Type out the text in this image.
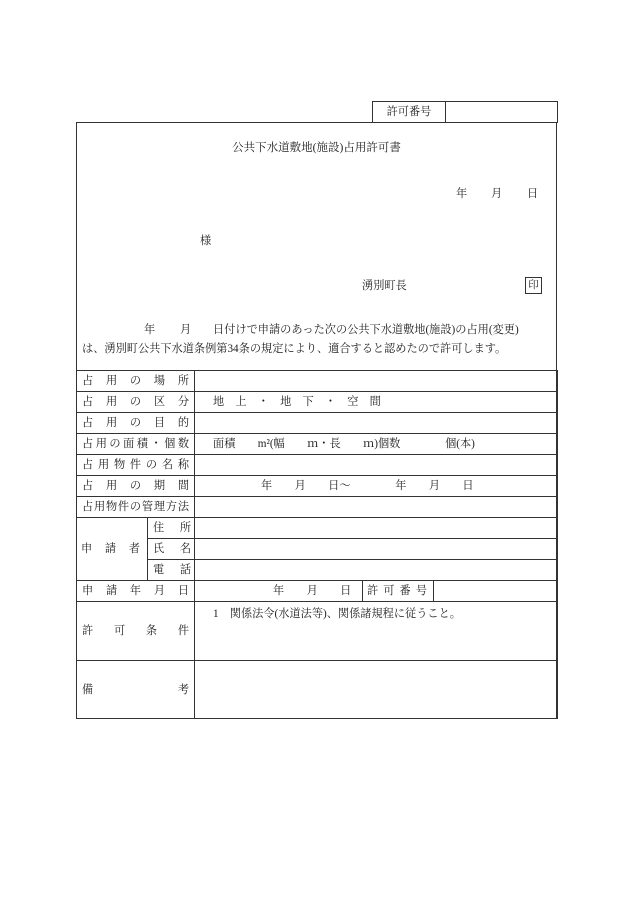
許可番号	
公共下水道敷地(施設)占用許可書
年 月 日
様
湧別町長	印
年 月 日付けで申請のあった次の公共下水道敷地(施設)の占用(変更)
は、湧別町公共下水道条例第34条の規定により、適合すると認めたので許可します。
占用の場所				

占用の区分		地　上　・　地　下　・　空　間		

占用の目的				

占用の面積・個数		面積　　m²(幅　　ｍ・長　　ｍ)個数　　　　個(本)		

占用物件の名称				

占用の期間		年　　月　　日～　　　　年　　月　　日		

占用物件の管理方法				

申請者	住所			

	氏名			

	電話			

申請年月日		年　　月　　日	許可番号	

許可条件		1　関係法令(水道法等)、関係諸規程に従うこと。		

備考				
